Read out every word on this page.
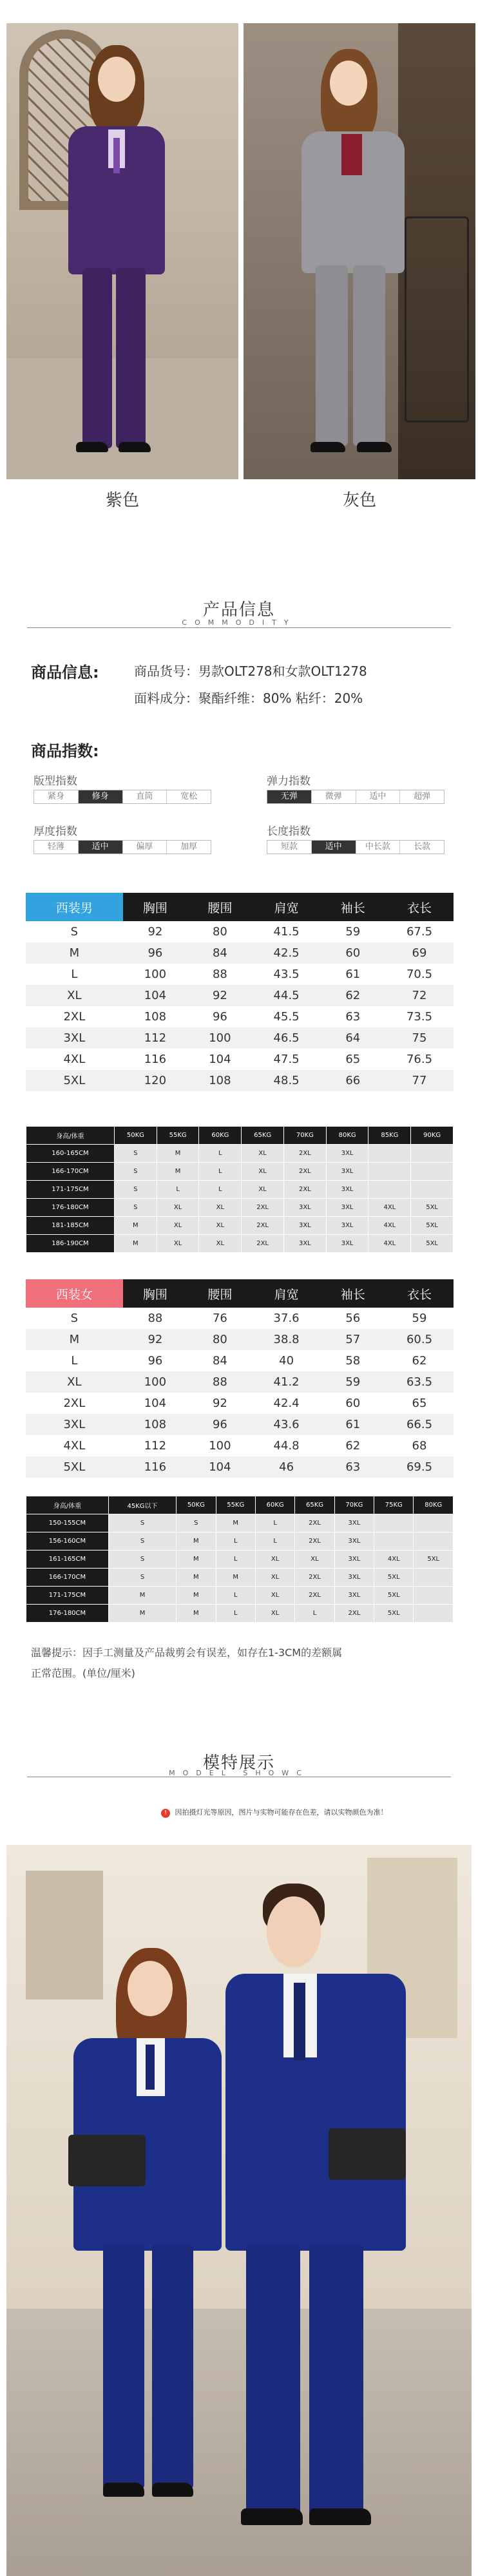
紫色	灰色
产品信息
COMMODITY
商品信息:	商品货号：男款OLT278和女款OLT1278
面料成分：聚酯纤维：80% 粘纤：20%
商品指数:
版型指数
紧身	修身	直筒	宽松
弹力指数
无弹	微弹	适中	超弹
厚度指数
轻薄	适中	偏厚	加厚
长度指数
短款	适中	中长款	长款
西装男	胸围	腰围	肩宽	袖长	衣长
S	92	80	41.5	59	67.5
M	96	84	42.5	60	69
L	100	88	43.5	61	70.5
XL	104	92	44.5	62	72
2XL	108	96	45.5	63	73.5
3XL	112	100	46.5	64	75
4XL	116	104	47.5	65	76.5
5XL	120	108	48.5	66	77
身高/体重	50KG	55KG	60KG	65KG	70KG	80KG	85KG	90KG
160-165CM	S	M	L	XL	2XL	3XL		
166-170CM	S	M	L	XL	2XL	3XL		
171-175CM	S	L	L	XL	2XL	3XL		
176-180CM	S	XL	XL	2XL	3XL	3XL	4XL	5XL
181-185CM	M	XL	XL	2XL	3XL	3XL	4XL	5XL
186-190CM	M	XL	XL	2XL	3XL	3XL	4XL	5XL
西装女	胸围	腰围	肩宽	袖长	衣长
S	88	76	37.6	56	59
M	92	80	38.8	57	60.5
L	96	84	40	58	62
XL	100	88	41.2	59	63.5
2XL	104	92	42.4	60	65
3XL	108	96	43.6	61	66.5
4XL	112	100	44.8	62	68
5XL	116	104	46	63	69.5
身高/体重	45KG以下	50KG	55KG	60KG	65KG	70KG	75KG	80KG
150-155CM	S	S	M	L	2XL	3XL		
156-160CM	S	M	L	L	2XL	3XL		
161-165CM	S	M	L	XL	XL	3XL	4XL	5XL
166-170CM	S	M	M	XL	2XL	3XL	5XL	
171-175CM	M	M	L	XL	2XL	3XL	5XL	
176-180CM	M	M	L	XL	L	2XL	5XL	
温馨提示：因手工测量及产品裁剪会有误差，如存在1-3CM的差额属
正常范围。(单位/厘米)
模特展示
MODEL SHOWC
! 因拍摄灯光等原因，图片与实物可能存在色差，请以实物颜色为准！
